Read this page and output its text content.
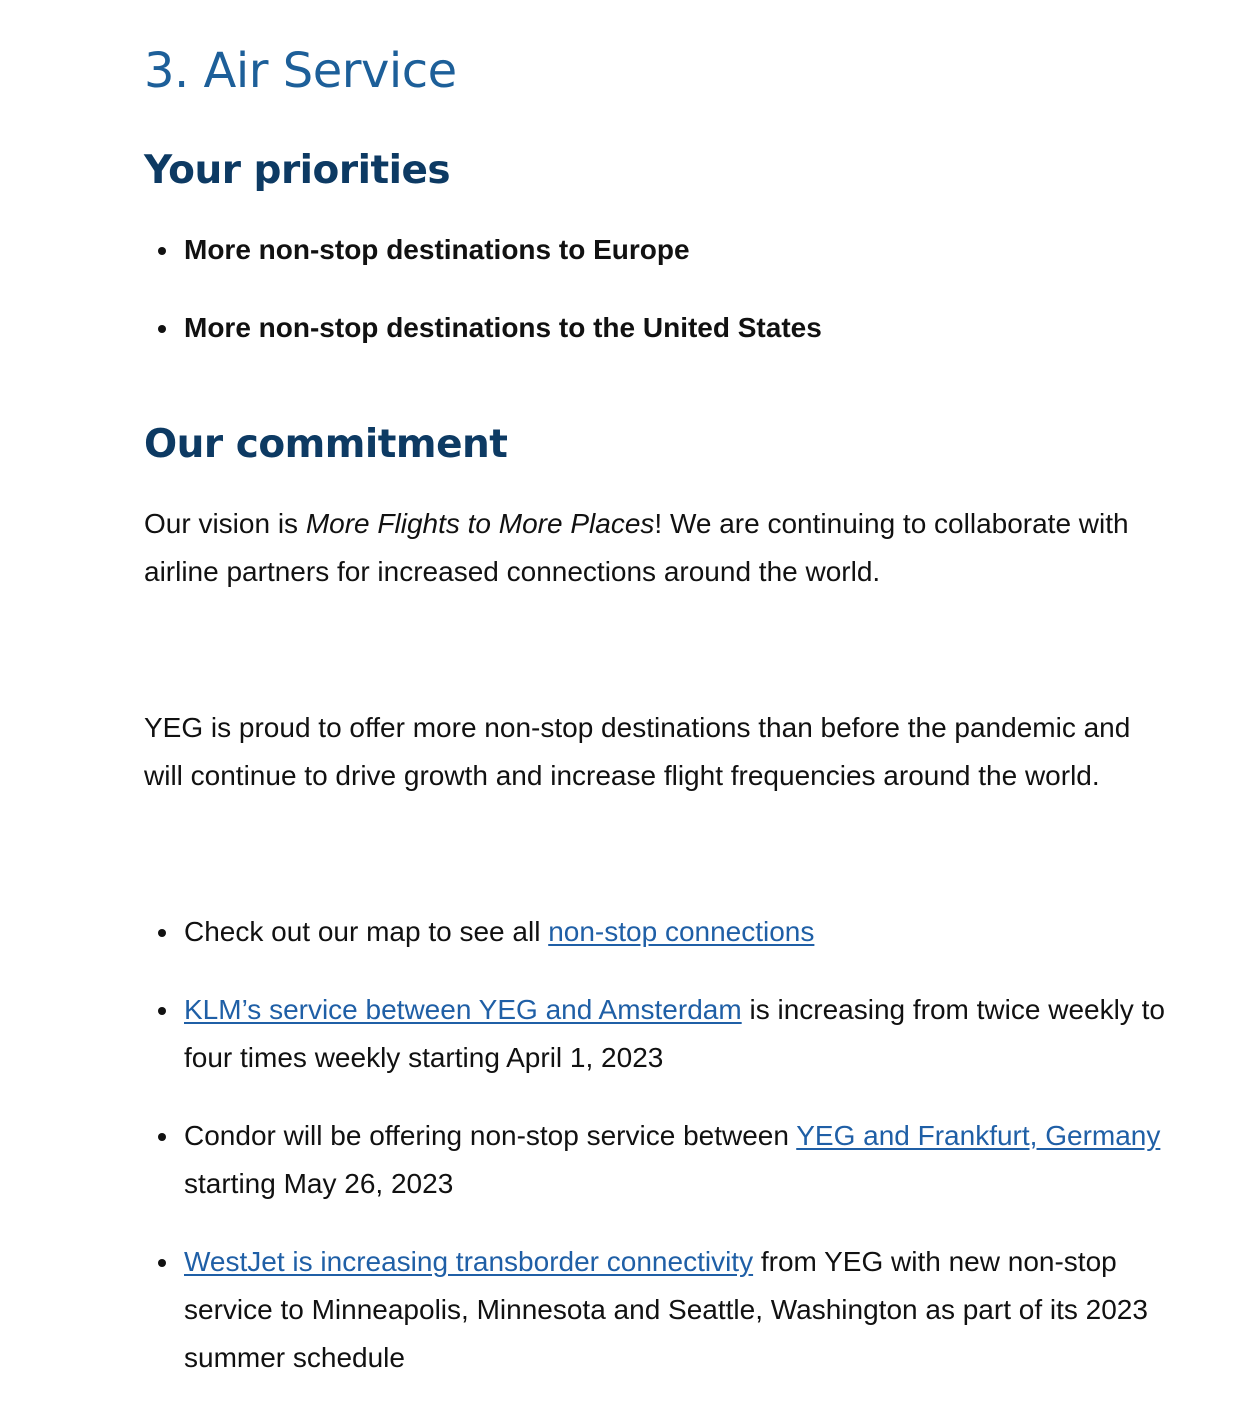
3. Air Service
Your priorities
More non-stop destinations to Europe
More non-stop destinations to the United States
Our commitment

Our vision is More Flights to More Places! We are continuing to collaborate with airline partners for increased connections around the world.

YEG is proud to offer more non-stop destinations than before the pandemic and will continue to drive growth and increase flight frequencies around the world.

Check out our map to see all non-stop connections
KLM’s service between YEG and Amsterdam is increasing from twice weekly to four times weekly starting April 1, 2023
Condor will be offering non-stop service between YEG and Frankfurt, Germany starting May 26, 2023
WestJet is increasing transborder connectivity from YEG with new non-stop service to Minneapolis, Minnesota and Seattle, Washington as part of its 2023 summer schedule
